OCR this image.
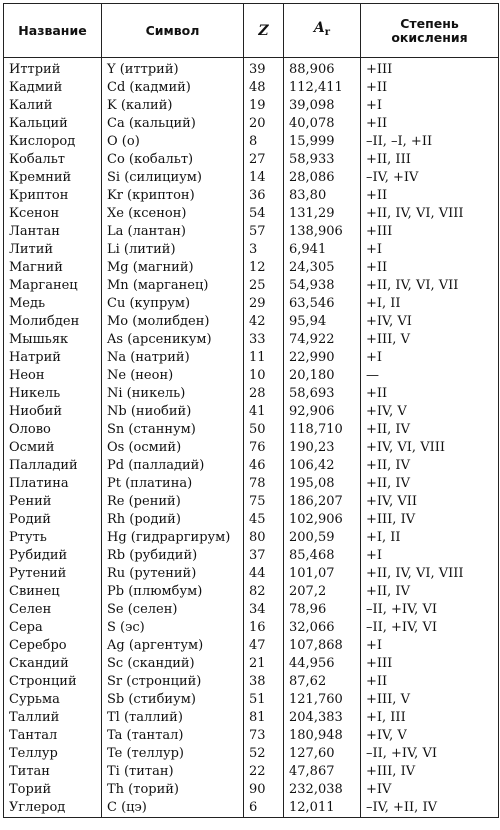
Название	Символ	Z	$A_r$	Степень
окисления
Иттрий	Y (иттрий)	39	88,906	+III
Кадмий	Cd (кадмий)	48	112,411	+II
Калий	K (калий)	19	39,098	+I
Кальций	Ca (кальций)	20	40,078	+II
Кислород	O (о)	8	15,999	–II, –I, +II
Кобальт	Co (кобальт)	27	58,933	+II, III
Кремний	Si (силициум)	14	28,086	–IV, +IV
Криптон	Kr (криптон)	36	83,80	+II
Ксенон	Xe (ксенон)	54	131,29	+II, IV, VI, VIII
Лантан	La (лантан)	57	138,906	+III
Литий	Li (литий)	3	6,941	+I
Магний	Mg (магний)	12	24,305	+II
Марганец	Mn (марганец)	25	54,938	+II, IV, VI, VII
Медь	Cu (купрум)	29	63,546	+I, II
Молибден	Mo (молибден)	42	95,94	+IV, VI
Мышьяк	As (арсеникум)	33	74,922	+III, V
Натрий	Na (натрий)	11	22,990	+I
Неон	Ne (неон)	10	20,180	—
Никель	Ni (никель)	28	58,693	+II
Ниобий	Nb (ниобий)	41	92,906	+IV, V
Олово	Sn (станнум)	50	118,710	+II, IV
Осмий	Os (осмий)	76	190,23	+IV, VI, VIII
Палладий	Pd (палладий)	46	106,42	+II, IV
Платина	Pt (платина)	78	195,08	+II, IV
Рений	Re (рений)	75	186,207	+IV, VII
Родий	Rh (родий)	45	102,906	+III, IV
Ртуть	Hg (гидраргирум)	80	200,59	+I, II
Рубидий	Rb (рубидий)	37	85,468	+I
Рутений	Ru (рутений)	44	101,07	+II, IV, VI, VIII
Свинец	Pb (плюмбум)	82	207,2	+II, IV
Селен	Se (селен)	34	78,96	–II, +IV, VI
Сера	S (эс)	16	32,066	–II, +IV, VI
Серебро	Ag (аргентум)	47	107,868	+I
Скандий	Sc (скандий)	21	44,956	+III
Стронций	Sr (стронций)	38	87,62	+II
Сурьма	Sb (стибиум)	51	121,760	+III, V
Таллий	Tl (таллий)	81	204,383	+I, III
Тантал	Ta (тантал)	73	180,948	+IV, V
Теллур	Te (теллур)	52	127,60	–II, +IV, VI
Титан	Ti (титан)	22	47,867	+III, IV
Торий	Th (торий)	90	232,038	+IV
Углерод	C (цэ)	6	12,011	–IV, +II, IV
